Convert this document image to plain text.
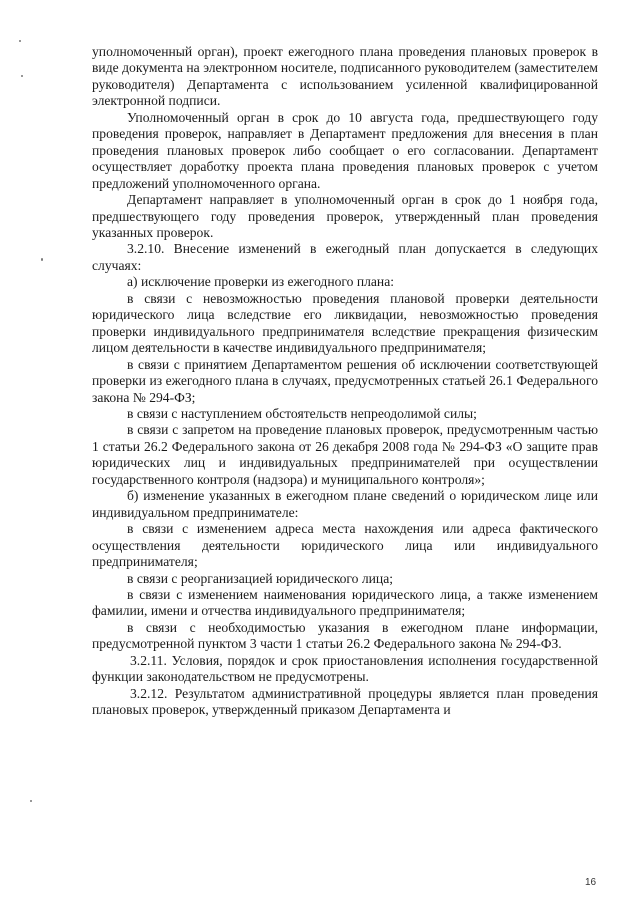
уполномоченный орган), проект ежегодного плана проведения плановых проверок в виде документа на электронном носителе, подписанного руководителем (заместителем руководителя) Департамента с использованием усиленной квалифицированной электронной подписи.

Уполномоченный орган в срок до 10 августа года, предшествующего году проведения проверок, направляет в Департамент предложения для внесения в план проведения плановых проверок либо сообщает о его согласовании. Департамент осуществляет доработку проекта плана проведения плановых проверок с учетом предложений уполномоченного органа.

Департамент направляет в уполномоченный орган в срок до 1 ноября года, предшествующего году проведения проверок, утвержденный план проведения указанных проверок.

3.2.10. Внесение изменений в ежегодный план допускается в следующих случаях:

а) исключение проверки из ежегодного плана:

в связи с невозможностью проведения плановой проверки деятельности юридического лица вследствие его ликвидации, невозможностью проведения проверки индивидуального предпринимателя вследствие прекращения физическим лицом деятельности в качестве индивидуального предпринимателя;

в связи с принятием Департаментом решения об исключении соответствующей проверки из ежегодного плана в случаях, предусмотренных статьей 26.1 Федерального закона № 294-ФЗ;

в связи с наступлением обстоятельств непреодолимой силы;

в связи с запретом на проведение плановых проверок, предусмотренным частью 1 статьи 26.2 Федерального закона от 26 декабря 2008 года № 294-ФЗ «О защите прав юридических лиц и индивидуальных предпринимателей при осуществлении государственного контроля (надзора) и муниципального контроля»;

б) изменение указанных в ежегодном плане сведений о юридическом лице или индивидуальном предпринимателе:

в связи с изменением адреса места нахождения или адреса фактического осуществления деятельности юридического лица или индивидуального предпринимателя;

в связи с реорганизацией юридического лица;

в связи с изменением наименования юридического лица, а также изменением фамилии, имени и отчества индивидуального предпринимателя;

в связи с необходимостью указания в ежегодном плане информации, предусмотренной пунктом 3 части 1 статьи 26.2 Федерального закона № 294-ФЗ.

3.2.11. Условия, порядок и срок приостановления исполнения государственной функции законодательством не предусмотрены.

3.2.12. Результатом административной процедуры является план проведения плановых проверок, утвержденный приказом Департамента и

16
